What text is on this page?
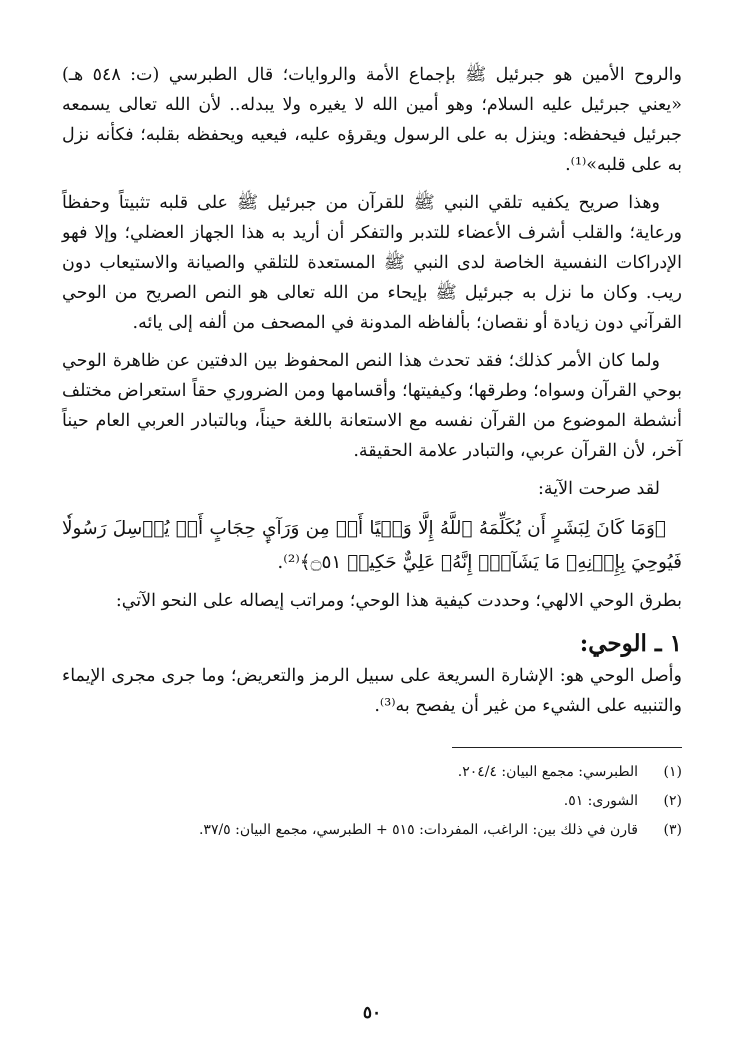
والروح الأمين هو جبرئيل ﷺ بإجماع الأمة والروايات؛ قال الطبرسي (ت: ٥٤٨ هـ) «يعني جبرئيل عليه السلام؛ وهو أمين الله لا يغيره ولا يبدله.. لأن الله تعالى يسمعه جبرئيل فيحفظه: وينزل به على الرسول ويقرؤه عليه، فيعيه ويحفظه بقلبه؛ فكأنه نزل به على قلبه»⁽¹⁾.

وهذا صريح يكفيه تلقي النبي ﷺ للقرآن من جبرئيل ﷺ على قلبه تثبيتاً وحفظاً ورعاية؛ والقلب أشرف الأعضاء للتدبر والتفكر أن أريد به هذا الجهاز العضلي؛ وإلا فهو الإدراكات النفسية الخاصة لدى النبي ﷺ المستعدة للتلقي والصيانة والاستيعاب دون ريب. وكان ما نزل به جبرئيل ﷺ بإيحاء من الله تعالى هو النص الصريح من الوحي القرآني دون زيادة أو نقصان؛ بألفاظه المدونة في المصحف من ألفه إلى يائه.

ولما كان الأمر كذلك؛ فقد تحدث هذا النص المحفوظ بين الدفتين عن ظاهرة الوحي بوحي القرآن وسواه؛ وطرقها؛ وكيفيتها؛ وأقسامها ومن الضروري حقاً استعراض مختلف أنشطة الموضوع من القرآن نفسه مع الاستعانة باللغة حيناً، وبالتبادر العربي العام حيناً آخر، لأن القرآن عربي، والتبادر علامة الحقيقة.

لقد صرحت الآية:

﴿وَمَا كَانَ لِبَشَرٍ أَن يُكَلِّمَهُ ٱللَّهُ إِلَّا وَحۡيًا أَوۡ مِن وَرَآيِٕ حِجَابٍ أَوۡ يُرۡسِلَ رَسُولٗا فَيُوحِيَ بِإِذۡنِهِۦ مَا يَشَآءُۚ إِنَّهُۥ عَلِيٌّ حَكِيمٞ ۝٥١﴾⁽²⁾.

بطرق الوحي الالهي؛ وحددت كيفية هذا الوحي؛ ومراتب إيصاله على النحو الآتي:

١ ـ الوحي:

وأصل الوحي هو: الإشارة السريعة على سبيل الرمز والتعريض؛ وما جرى مجرى الإيماء والتنبيه على الشيء من غير أن يفصح به⁽³⁾.

(١)
الطبرسي: مجمع البيان: ٢٠٤/٤.
(٢)
الشورى: ٥١.
(٣)
قارن في ذلك بين: الراغب، المفردات: ٥١٥ + الطبرسي، مجمع البيان: ٣٧/٥.
٥٠
